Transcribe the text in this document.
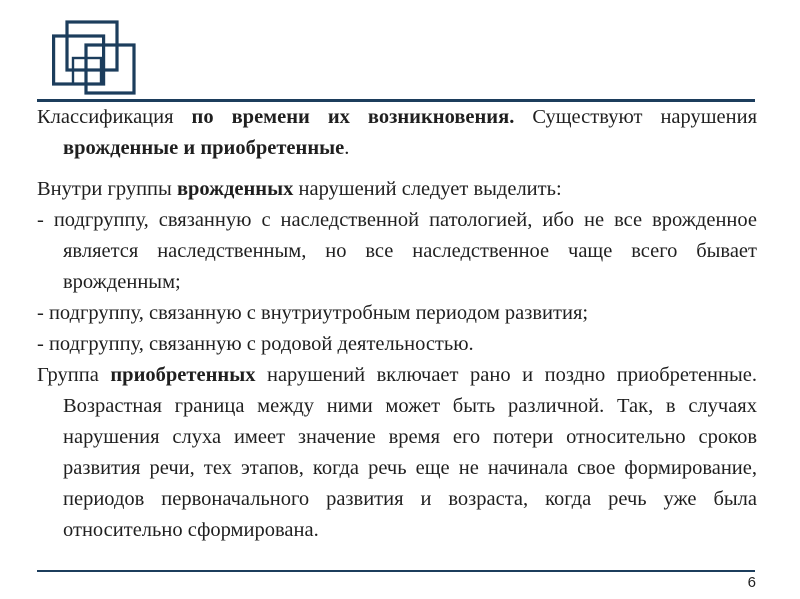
Классификация по времени их возникновения. Существуют нарушения врожденные и приобретенные.

Внутри группы врожденных нарушений следует выделить:

- подгруппу, связанную с наследственной патологией, ибо не все врожденное является наследственным, но все наследственное чаще всего бывает врожденным;

- подгруппу, связанную с внутриутробным периодом развития;

- подгруппу, связанную с родовой деятельностью.

Группа приобретенных нарушений включает рано и поздно приобретенные. Возрастная граница между ними может быть различной. Так, в случаях нарушения слуха имеет значение время его потери относительно сроков развития речи, тех этапов, когда речь еще не начинала свое формирование, периодов первоначального развития и возраста, когда речь уже была относительно сформирована.

6
